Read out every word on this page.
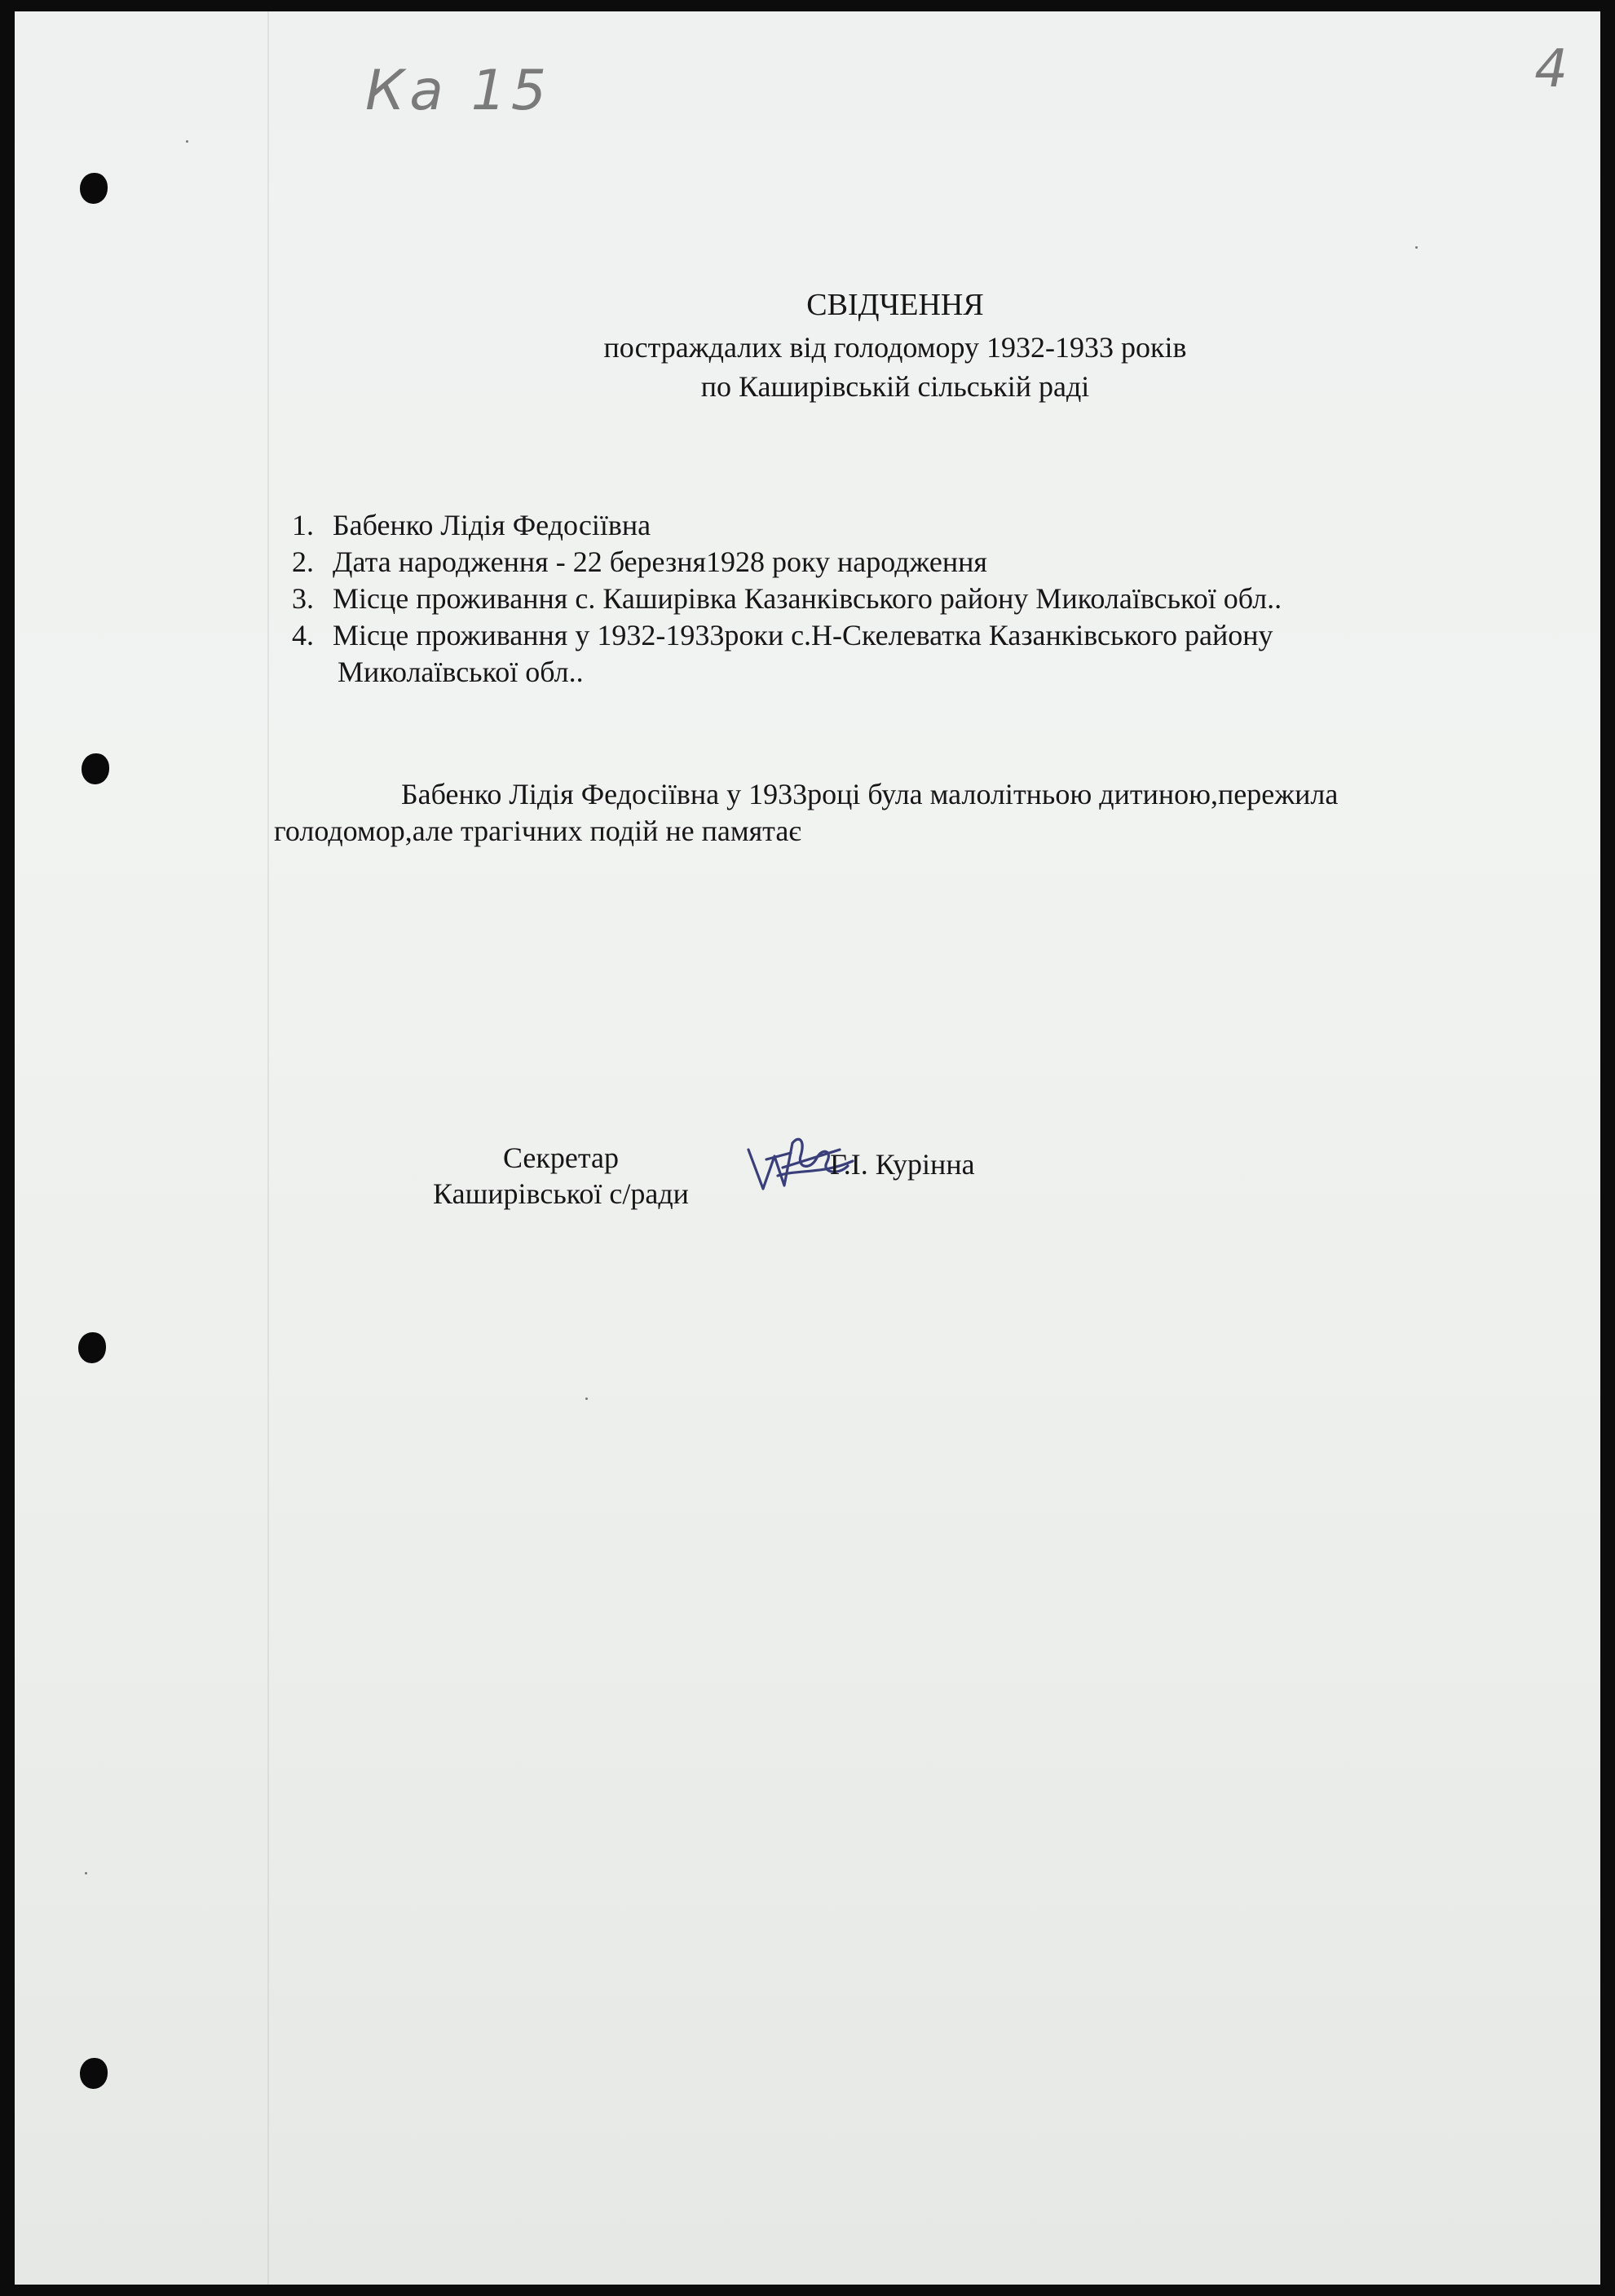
Ка 15	4
СВІДЧЕННЯ
постраждалих від голодомору 1932-1933 років
по Каширівській сільській раді
1. Бабенко Лідія Федосіївна
2. Дата народження - 22 березня1928 року народження
3. Місце проживання с. Каширівка Казанківського району Миколаївської обл..
4. Місце проживання у 1932-1933роки с.Н-Скелеватка Казанківського району
Миколаївської обл..
Бабенко Лідія Федосіївна у 1933році була малолітньою дитиною,пережила
голодомор,але трагічних подій не памятає
Секретар
Каширівської с/ради
Г.І. Курінна
